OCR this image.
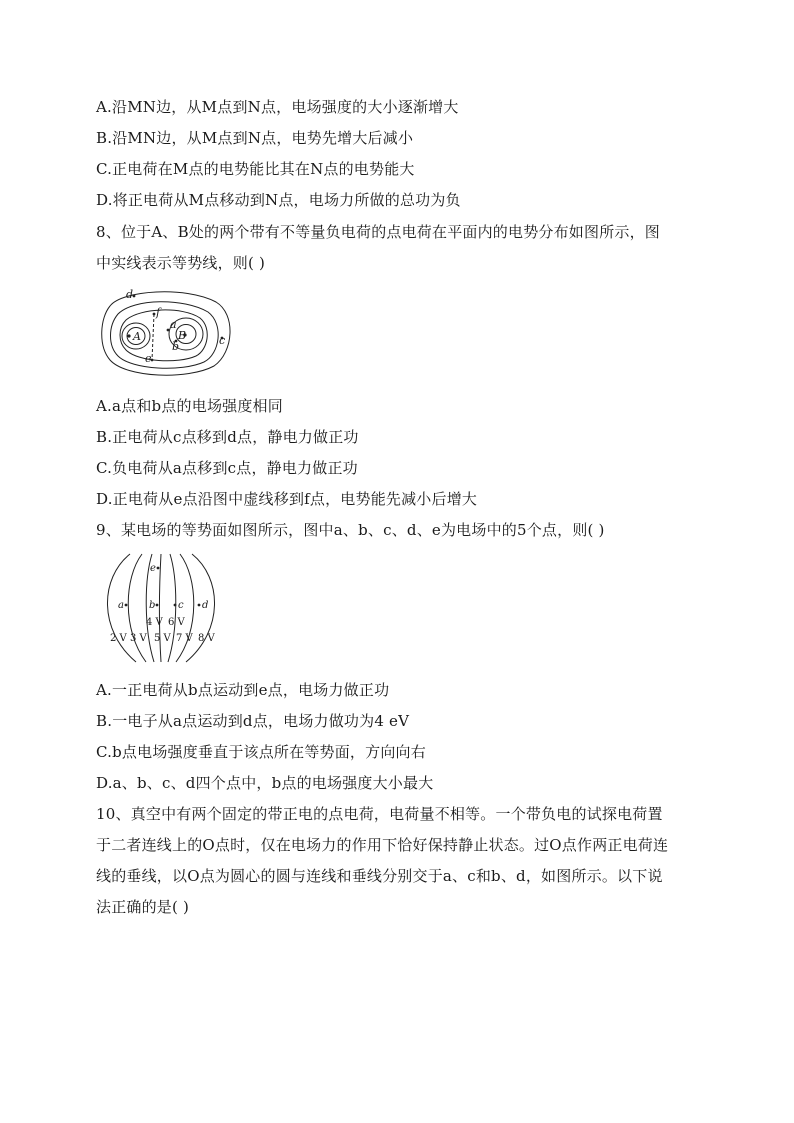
A.沿MN边，从M点到N点，电场强度的大小逐渐增大
B.沿MN边，从M点到N点，电势先增大后减小
C.正电荷在M点的电势能比其在N点的电势能大
D.将正电荷从M点移动到N点，电场力所做的总功为负
8、位于A、B处的两个带有不等量负电荷的点电荷在平面内的电势分布如图所示，图
中实线表示等势线，则( )
d
f
a
A	B	c
b
e
A.a点和b点的电场强度相同
B.正电荷从c点移到d点，静电力做正功
C.负电荷从a点移到c点，静电力做正功
D.正电荷从e点沿图中虚线移到f点，电势能先减小后增大
9、某电场的等势面如图所示，图中a、b、c、d、e为电场中的5个点，则( )
e
a	b c d
4 V 6 V
2 V 3 V 5 V 7 V 8 V
A.一正电荷从b点运动到e点，电场力做正功
B.一电子从a点运动到d点，电场力做功为4 eV
C.b点电场强度垂直于该点所在等势面，方向向右
D.a、b、c、d四个点中，b点的电场强度大小最大
10、真空中有两个固定的带正电的点电荷，电荷量不相等。一个带负电的试探电荷置
于二者连线上的O点时，仅在电场力的作用下恰好保持静止状态。过O点作两正电荷连
线的垂线，以O点为圆心的圆与连线和垂线分别交于a、c和b、d，如图所示。以下说
法正确的是( )
